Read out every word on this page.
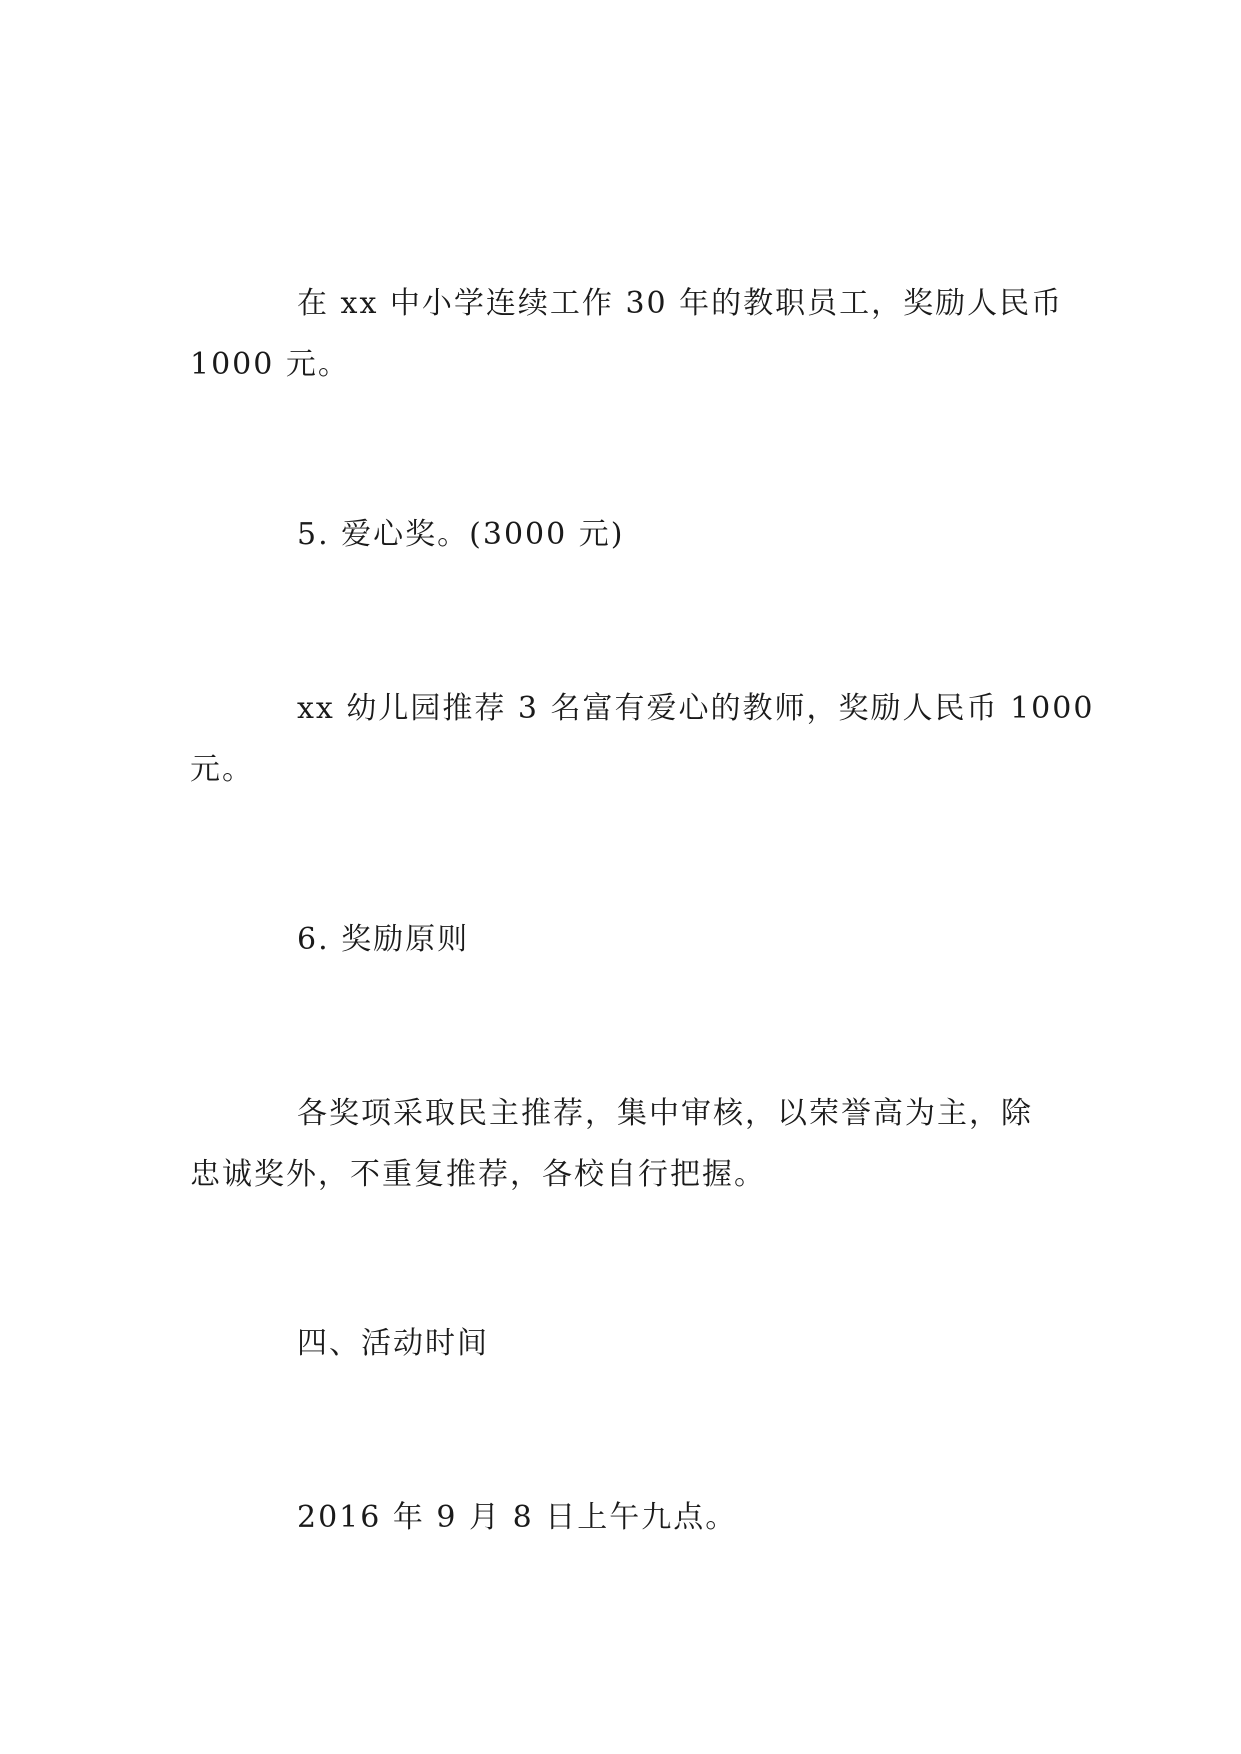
在 xx 中小学连续工作 30 年的教职员工，奖励人民币
1000 元。
5. 爱心奖。(3000 元)
xx 幼儿园推荐 3 名富有爱心的教师，奖励人民币 1000
元。
6. 奖励原则
各奖项采取民主推荐，集中审核，以荣誉高为主，除
忠诚奖外，不重复推荐，各校自行把握。
四、活动时间
2016 年 9 月 8 日上午九点。
